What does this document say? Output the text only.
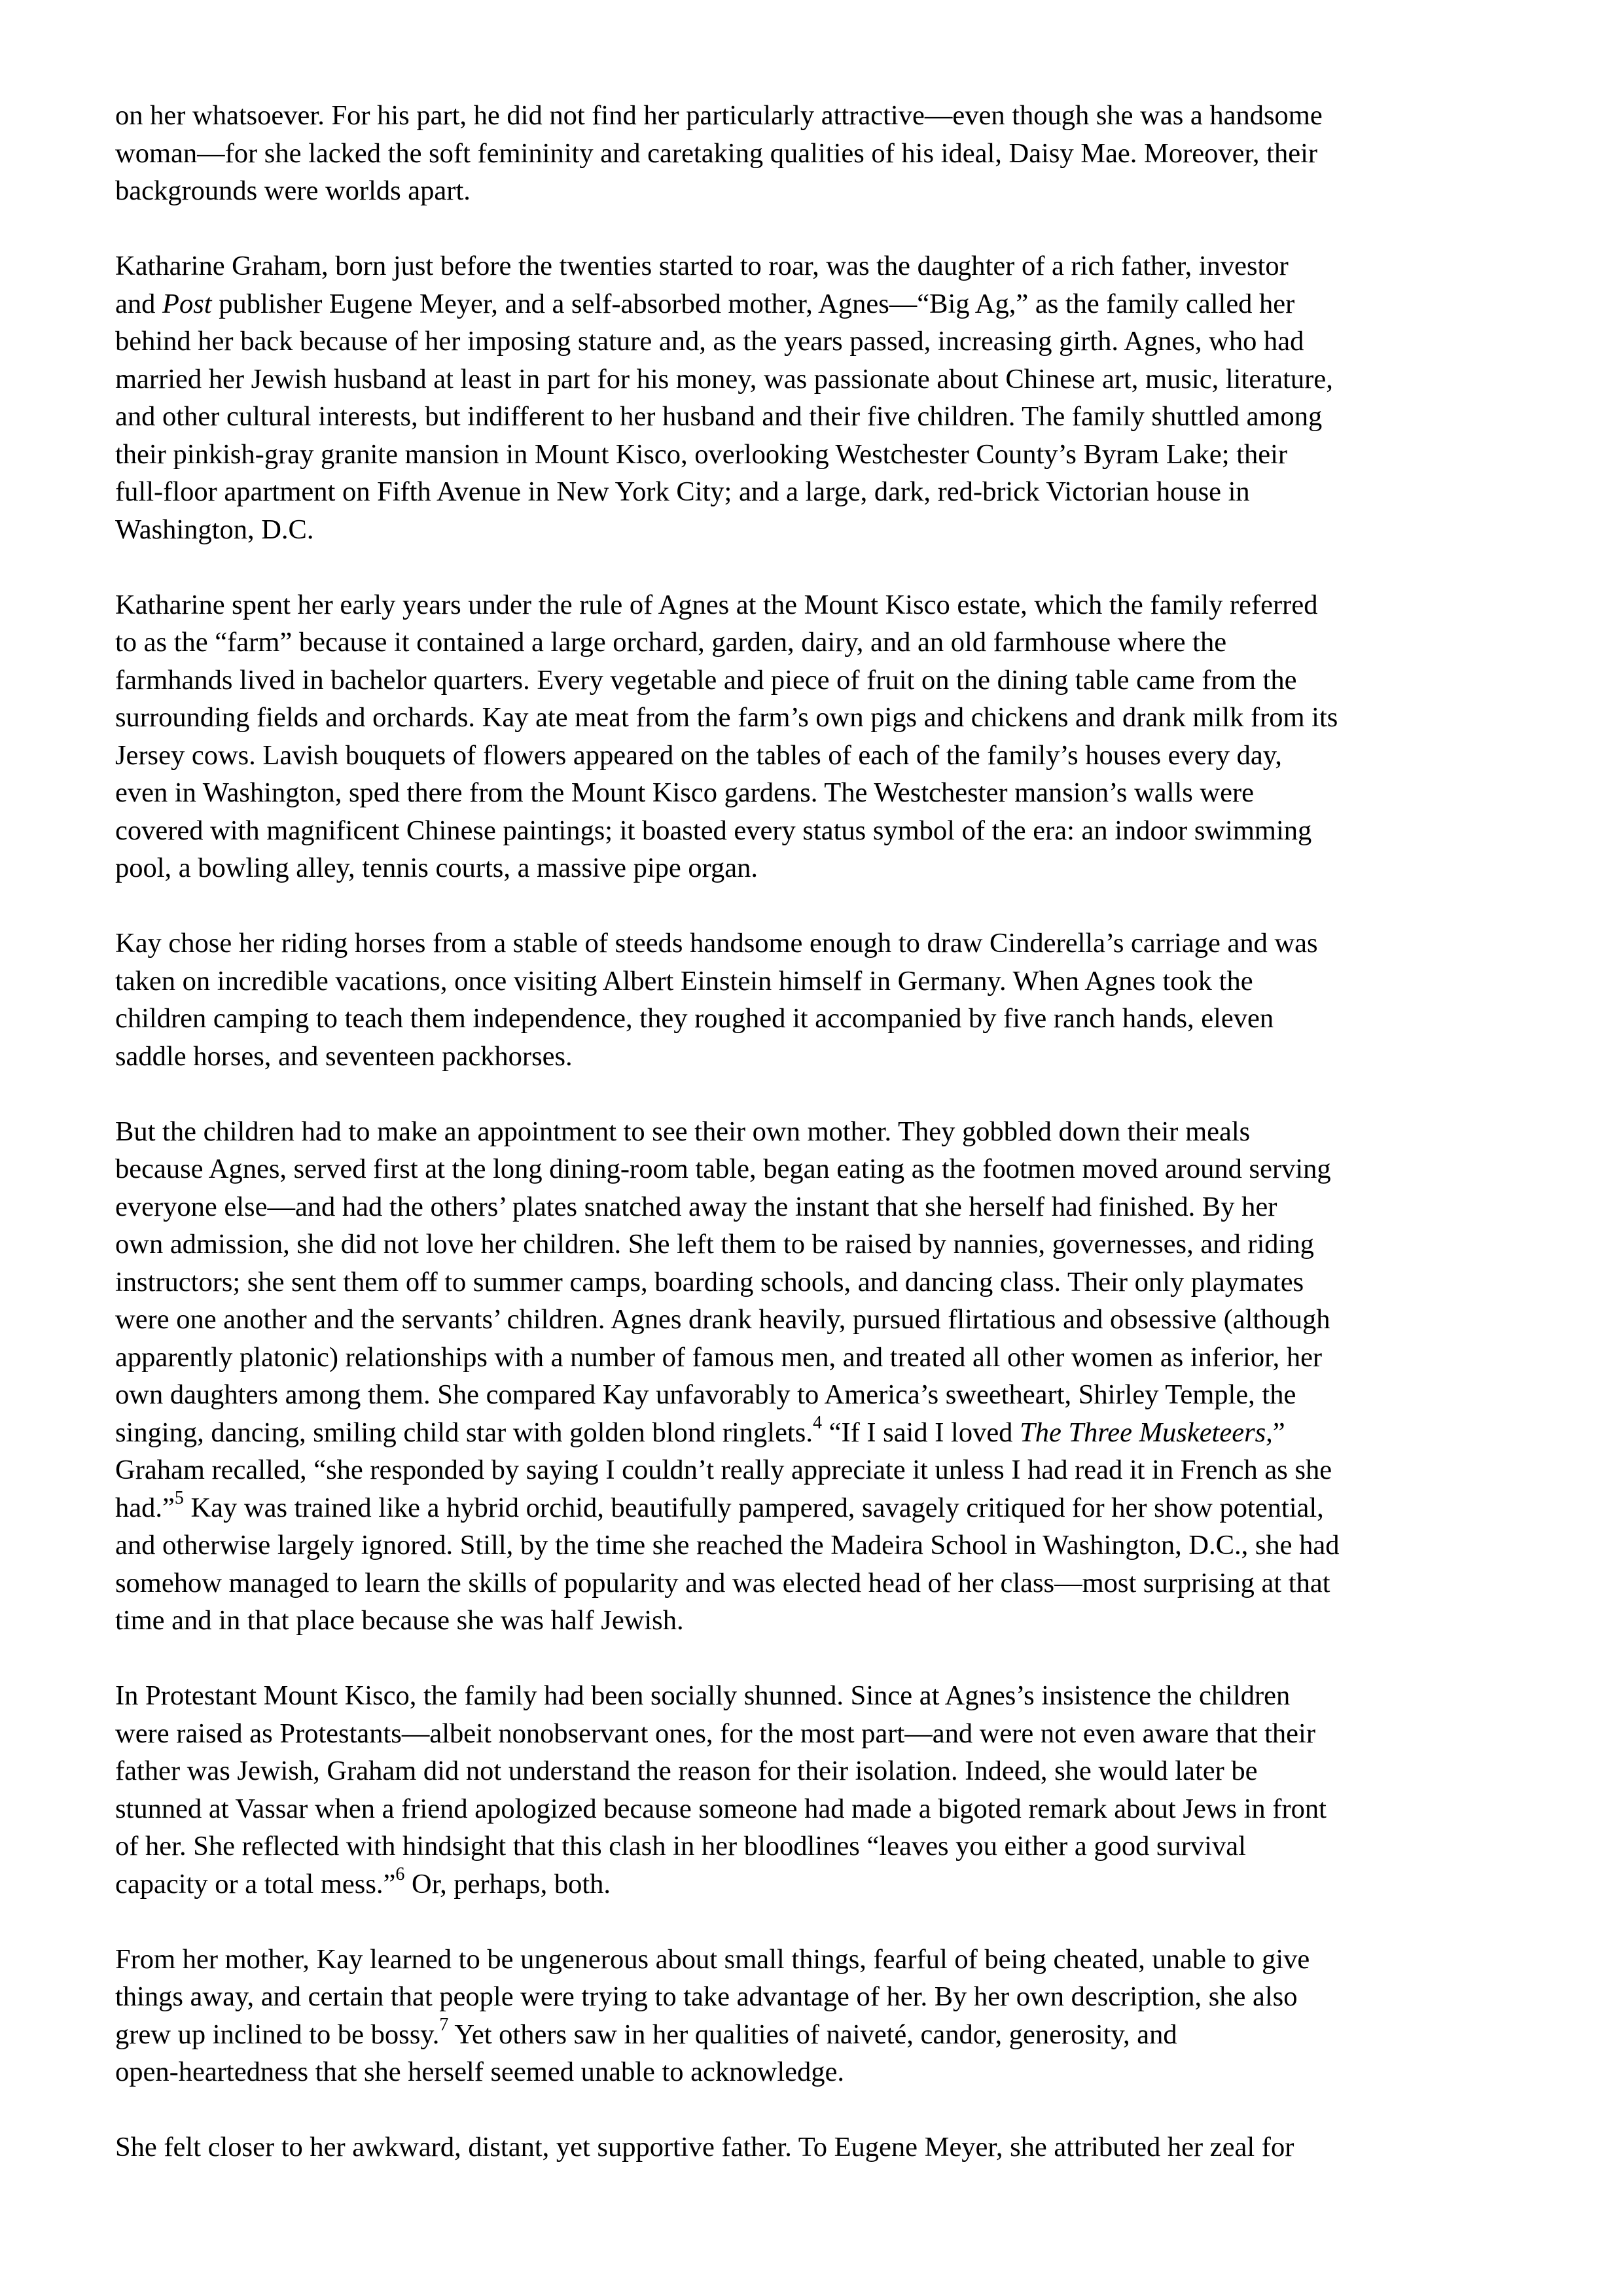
on her whatsoever. For his part, he did not find her particularly attractive—even though she was a handsome
woman—for she lacked the soft femininity and caretaking qualities of his ideal, Daisy Mae. Moreover, their
backgrounds were worlds apart.

Katharine Graham, born just before the twenties started to roar, was the daughter of a rich father, investor
and Post publisher Eugene Meyer, and a self-absorbed mother, Agnes—“Big Ag,” as the family called her
behind her back because of her imposing stature and, as the years passed, increasing girth. Agnes, who had
married her Jewish husband at least in part for his money, was passionate about Chinese art, music, literature,
and other cultural interests, but indifferent to her husband and their five children. The family shuttled among
their pinkish-gray granite mansion in Mount Kisco, overlooking Westchester County’s Byram Lake; their
full-floor apartment on Fifth Avenue in New York City; and a large, dark, red-brick Victorian house in
Washington, D.C.

Katharine spent her early years under the rule of Agnes at the Mount Kisco estate, which the family referred
to as the “farm” because it contained a large orchard, garden, dairy, and an old farmhouse where the
farmhands lived in bachelor quarters. Every vegetable and piece of fruit on the dining table came from the
surrounding fields and orchards. Kay ate meat from the farm’s own pigs and chickens and drank milk from its
Jersey cows. Lavish bouquets of flowers appeared on the tables of each of the family’s houses every day,
even in Washington, sped there from the Mount Kisco gardens. The Westchester mansion’s walls were
covered with magnificent Chinese paintings; it boasted every status symbol of the era: an indoor swimming
pool, a bowling alley, tennis courts, a massive pipe organ.

Kay chose her riding horses from a stable of steeds handsome enough to draw Cinderella’s carriage and was
taken on incredible vacations, once visiting Albert Einstein himself in Germany. When Agnes took the
children camping to teach them independence, they roughed it accompanied by five ranch hands, eleven
saddle horses, and seventeen packhorses.

But the children had to make an appointment to see their own mother. They gobbled down their meals
because Agnes, served first at the long dining-room table, began eating as the footmen moved around serving
everyone else—and had the others’ plates snatched away the instant that she herself had finished. By her
own admission, she did not love her children. She left them to be raised by nannies, governesses, and riding
instructors; she sent them off to summer camps, boarding schools, and dancing class. Their only playmates
were one another and the servants’ children. Agnes drank heavily, pursued flirtatious and obsessive (although
apparently platonic) relationships with a number of famous men, and treated all other women as inferior, her
own daughters among them. She compared Kay unfavorably to America’s sweetheart, Shirley Temple, the
singing, dancing, smiling child star with golden blond ringlets.$^4$ “If I said I loved The Three Musketeers,”
Graham recalled, “she responded by saying I couldn’t really appreciate it unless I had read it in French as she
had.”$^5$ Kay was trained like a hybrid orchid, beautifully pampered, savagely critiqued for her show potential,
and otherwise largely ignored. Still, by the time she reached the Madeira School in Washington, D.C., she had
somehow managed to learn the skills of popularity and was elected head of her class—most surprising at that
time and in that place because she was half Jewish.

In Protestant Mount Kisco, the family had been socially shunned. Since at Agnes’s insistence the children
were raised as Protestants—albeit nonobservant ones, for the most part—and were not even aware that their
father was Jewish, Graham did not understand the reason for their isolation. Indeed, she would later be
stunned at Vassar when a friend apologized because someone had made a bigoted remark about Jews in front
of her. She reflected with hindsight that this clash in her bloodlines “leaves you either a good survival
capacity or a total mess.”$^6$ Or, perhaps, both.

From her mother, Kay learned to be ungenerous about small things, fearful of being cheated, unable to give
things away, and certain that people were trying to take advantage of her. By her own description, she also
grew up inclined to be bossy.$^7$ Yet others saw in her qualities of naiveté, candor, generosity, and
open-heartedness that she herself seemed unable to acknowledge.

She felt closer to her awkward, distant, yet supportive father. To Eugene Meyer, she attributed her zeal for
